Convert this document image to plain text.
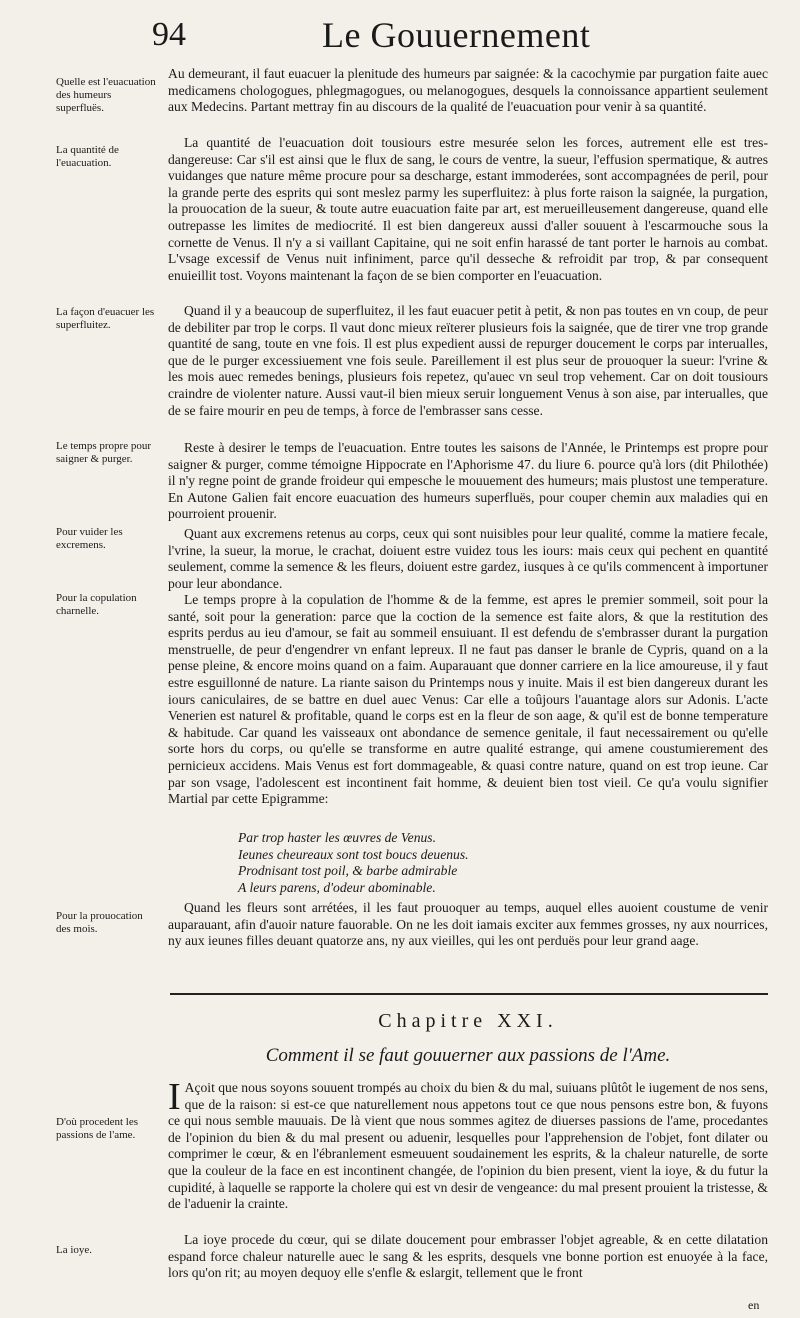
94	Le Gouuernement
Quelle est l'euacuation des humeurs superfluës.
La quantité de l'euacuation.
La façon d'euacuer les superfluitez.
Le temps propre pour saigner & purger.
Pour vuider les excremens.
Pour la copulation charnelle.
Pour la prouocation des mois.
D'où procedent les passions de l'ame.
La ioye.

Au demeurant, il faut euacuer la plenitude des humeurs par saignée: & la cacochymie par purgation faite auec medicamens chologogues, phlegmagogues, ou melanogogues, desquels la connoissance appartient seulement aux Medecins. Partant mettray fin au discours de la qualité de l'euacuation pour venir à sa quantité.

La quantité de l'euacuation doit tousiours estre mesurée selon les forces, autrement elle est tres-dangereuse: Car s'il est ainsi que le flux de sang, le cours de ventre, la sueur, l'effusion spermatique, & autres vuidanges que nature même procure pour sa descharge, estant immoderées, sont accompagnées de peril, pour la grande perte des esprits qui sont meslez parmy les superfluitez: à plus forte raison la saignée, la purgation, la prouocation de la sueur, & toute autre euacuation faite par art, est merueilleusement dangereuse, quand elle outrepasse les limites de mediocrité. Il est bien dangereux aussi d'aller souuent à l'escarmouche sous la cornette de Venus. Il n'y a si vaillant Capitaine, qui ne soit enfin harassé de tant porter le harnois au combat. L'vsage excessif de Venus nuit infiniment, parce qu'il desseche & refroidit par trop, & par consequent enuieillit tost. Voyons maintenant la façon de se bien comporter en l'euacuation.

Quand il y a beaucoup de superfluitez, il les faut euacuer petit à petit, & non pas toutes en vn coup, de peur de debiliter par trop le corps. Il vaut donc mieux reïterer plusieurs fois la saignée, que de tirer vne trop grande quantité de sang, toute en vne fois. Il est plus expedient aussi de repurger doucement le corps par interualles, que de le purger excessiuement vne fois seule. Pareillement il est plus seur de prouoquer la sueur: l'vrine & les mois auec remedes benings, plusieurs fois repetez, qu'auec vn seul trop vehement. Car on doit tousiours craindre de violenter nature. Aussi vaut-il bien mieux seruir longuement Venus à son aise, par interualles, que de se faire mourir en peu de temps, à force de l'embrasser sans cesse.

Reste à desirer le temps de l'euacuation. Entre toutes les saisons de l'Année, le Printemps est propre pour saigner & purger, comme témoigne Hippocrate en l'Aphorisme 47. du liure 6. pource qu'à lors (dit Philothée) il n'y regne point de grande froideur qui empesche le mouuement des humeurs; mais plustost une temperature. En Autone Galien fait encore euacuation des humeurs superfluës, pour couper chemin aux maladies qui en pourroient prouenir.

Quant aux excremens retenus au corps, ceux qui sont nuisibles pour leur qualité, comme la matiere fecale, l'vrine, la sueur, la morue, le crachat, doiuent estre vuidez tous les iours: mais ceux qui pechent en quantité seulement, comme la semence & les fleurs, doiuent estre gardez, iusques à ce qu'ils commencent à importuner pour leur abondance.

Le temps propre à la copulation de l'homme & de la femme, est apres le premier sommeil, soit pour la santé, soit pour la generation: parce que la coction de la semence est faite alors, & que la restitution des esprits perdus au ieu d'amour, se fait au sommeil ensuiuant. Il est defendu de s'embrasser durant la purgation menstruelle, de peur d'engendrer vn enfant lepreux. Il ne faut pas danser le branle de Cypris, quand on a la pense pleine, & encore moins quand on a faim. Auparauant que donner carriere en la lice amoureuse, il y faut estre esguillonné de nature. La riante saison du Printemps nous y inuite. Mais il est bien dangereux durant les iours caniculaires, de se battre en duel auec Venus: Car elle a toûjours l'auantage alors sur Adonis. L'acte Venerien est naturel & profitable, quand le corps est en la fleur de son aage, & qu'il est de bonne temperature & habitude. Car quand les vaisseaux ont abondance de semence genitale, il faut necessairement ou qu'elle sorte hors du corps, ou qu'elle se transforme en autre qualité estrange, qui amene coustumierement des pernicieux accidens. Mais Venus est fort dommageable, & quasi contre nature, quand on est trop ieune. Car par son vsage, l'adolescent est incontinent fait homme, & deuient bien tost vieil. Ce qu'a voulu signifier Martial par cette Epigramme:

Par trop haster les œuvres de Venus.
Ieunes cheureaux sont tost boucs deuenus.
Prodnisant tost poil, & barbe admirable
A leurs parens, d'odeur abominable.

Quand les fleurs sont arrétées, il les faut prouoquer au temps, auquel elles auoient coustume de venir auparauant, afin d'auoir nature fauorable. On ne les doit iamais exciter aux femmes grosses, ny aux nourrices, ny aux ieunes filles deuant quatorze ans, ny aux vieilles, qui les ont perduës pour leur grand aage.

Chapitre XXI.
Comment il se faut gouuerner aux passions de l'Ame.

I Açoit que nous soyons souuent trompés au choix du bien & du mal, suiuans plûtôt le iugement de nos sens, que de la raison: si est-ce que naturellement nous appetons tout ce que nous pensons estre bon, & fuyons ce qui nous semble mauuais. De là vient que nous sommes agitez de diuerses passions de l'ame, procedantes de l'opinion du bien & du mal present ou aduenir, lesquelles pour l'apprehension de l'objet, font dilater ou comprimer le cœur, & en l'ébranlement esmeuuent soudainement les esprits, & la chaleur naturelle, de sorte que la couleur de la face en est incontinent changée, de l'opinion du bien present, vient la ioye, & du futur la cupidité, à laquelle se rapporte la cholere qui est vn desir de vengeance: du mal present prouient la tristesse, & de l'aduenir la crainte.

La ioye procede du cœur, qui se dilate doucement pour embrasser l'objet agreable, & en cette dilatation espand force chaleur naturelle auec le sang & les esprits, desquels vne bonne portion est enuoyée à la face, lors qu'on rit; au moyen dequoy elle s'enfle & eslargit, tellement que le front

en
